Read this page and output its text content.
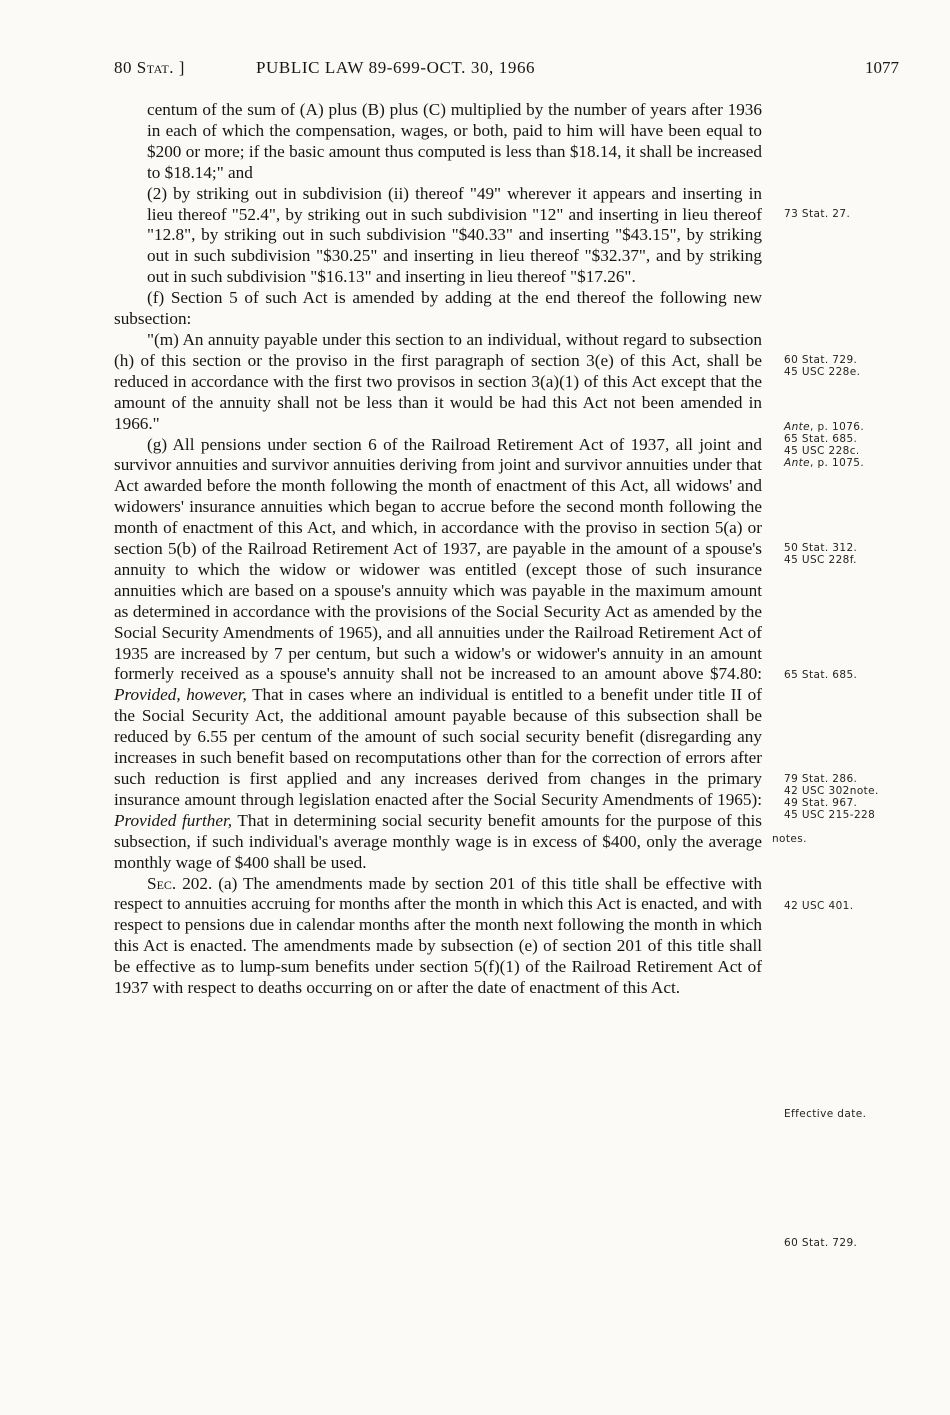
80 Stat. ]	PUBLIC LAW 89-699-OCT. 30, 1966	1077

centum of the sum of (A) plus (B) plus (C) multiplied by the number of years after 1936 in each of which the compensation, wages, or both, paid to him will have been equal to $200 or more; if the basic amount thus computed is less than $18.14, it shall be increased to $18.14;" and

(2) by striking out in subdivision (ii) thereof "49" wherever it appears and inserting in lieu thereof "52.4", by striking out in such subdivision "12" and inserting in lieu thereof "12.8", by striking out in such subdivision "$40.33" and inserting "$43.15", by striking out in such subdivision "$30.25" and inserting in lieu thereof "$32.37", and by striking out in such subdivision "$16.13" and inserting in lieu thereof "$17.26".

(f) Section 5 of such Act is amended by adding at the end thereof the following new subsection:

"(m) An annuity payable under this section to an individual, without regard to subsection (h) of this section or the proviso in the first paragraph of section 3(e) of this Act, shall be reduced in accordance with the first two provisos in section 3(a)(1) of this Act except that the amount of the annuity shall not be less than it would be had this Act not been amended in 1966."

(g) All pensions under section 6 of the Railroad Retirement Act of 1937, all joint and survivor annuities and survivor annuities deriving from joint and survivor annuities under that Act awarded before the month following the month of enactment of this Act, all widows' and widowers' insurance annuities which began to accrue before the second month following the month of enactment of this Act, and which, in accordance with the proviso in section 5(a) or section 5(b) of the Railroad Retirement Act of 1937, are payable in the amount of a spouse's annuity to which the widow or widower was entitled (except those of such insurance annuities which are based on a spouse's annuity which was payable in the maximum amount as determined in accordance with the provisions of the Social Security Act as amended by the Social Security Amendments of 1965), and all annuities under the Railroad Retirement Act of 1935 are increased by 7 per centum, but such a widow's or widower's annuity in an amount formerly received as a spouse's annuity shall not be increased to an amount above $74.80: Provided, however, That in cases where an individual is entitled to a benefit under title II of the Social Security Act, the additional amount payable because of this subsection shall be reduced by 6.55 per centum of the amount of such social security benefit (disregarding any increases in such benefit based on recomputations other than for the correction of errors after such reduction is first applied and any increases derived from changes in the primary insurance amount through legislation enacted after the Social Security Amendments of 1965): Provided further, That in determining social security benefit amounts for the purpose of this subsection, if such individual's average monthly wage is in excess of $400, only the average monthly wage of $400 shall be used.

Sec. 202. (a) The amendments made by section 201 of this title shall be effective with respect to annuities accruing for months after the month in which this Act is enacted, and with respect to pensions due in calendar months after the month next following the month in which this Act is enacted. The amendments made by subsection (e) of section 201 of this title shall be effective as to lump-sum benefits under section 5(f)(1) of the Railroad Retirement Act of 1937 with respect to deaths occurring on or after the date of enactment of this Act.

73 Stat. 27.
60 Stat. 729.
45 USC 228e.
Ante, p. 1076.
65 Stat. 685.
45 USC 228c.
Ante, p. 1075.
50 Stat. 312.
45 USC 228f.
65 Stat. 685.
79 Stat. 286.
42 USC 302note.
49 Stat. 967.
45 USC 215-228
notes.
42 USC 401.
Effective date.
60 Stat. 729.
